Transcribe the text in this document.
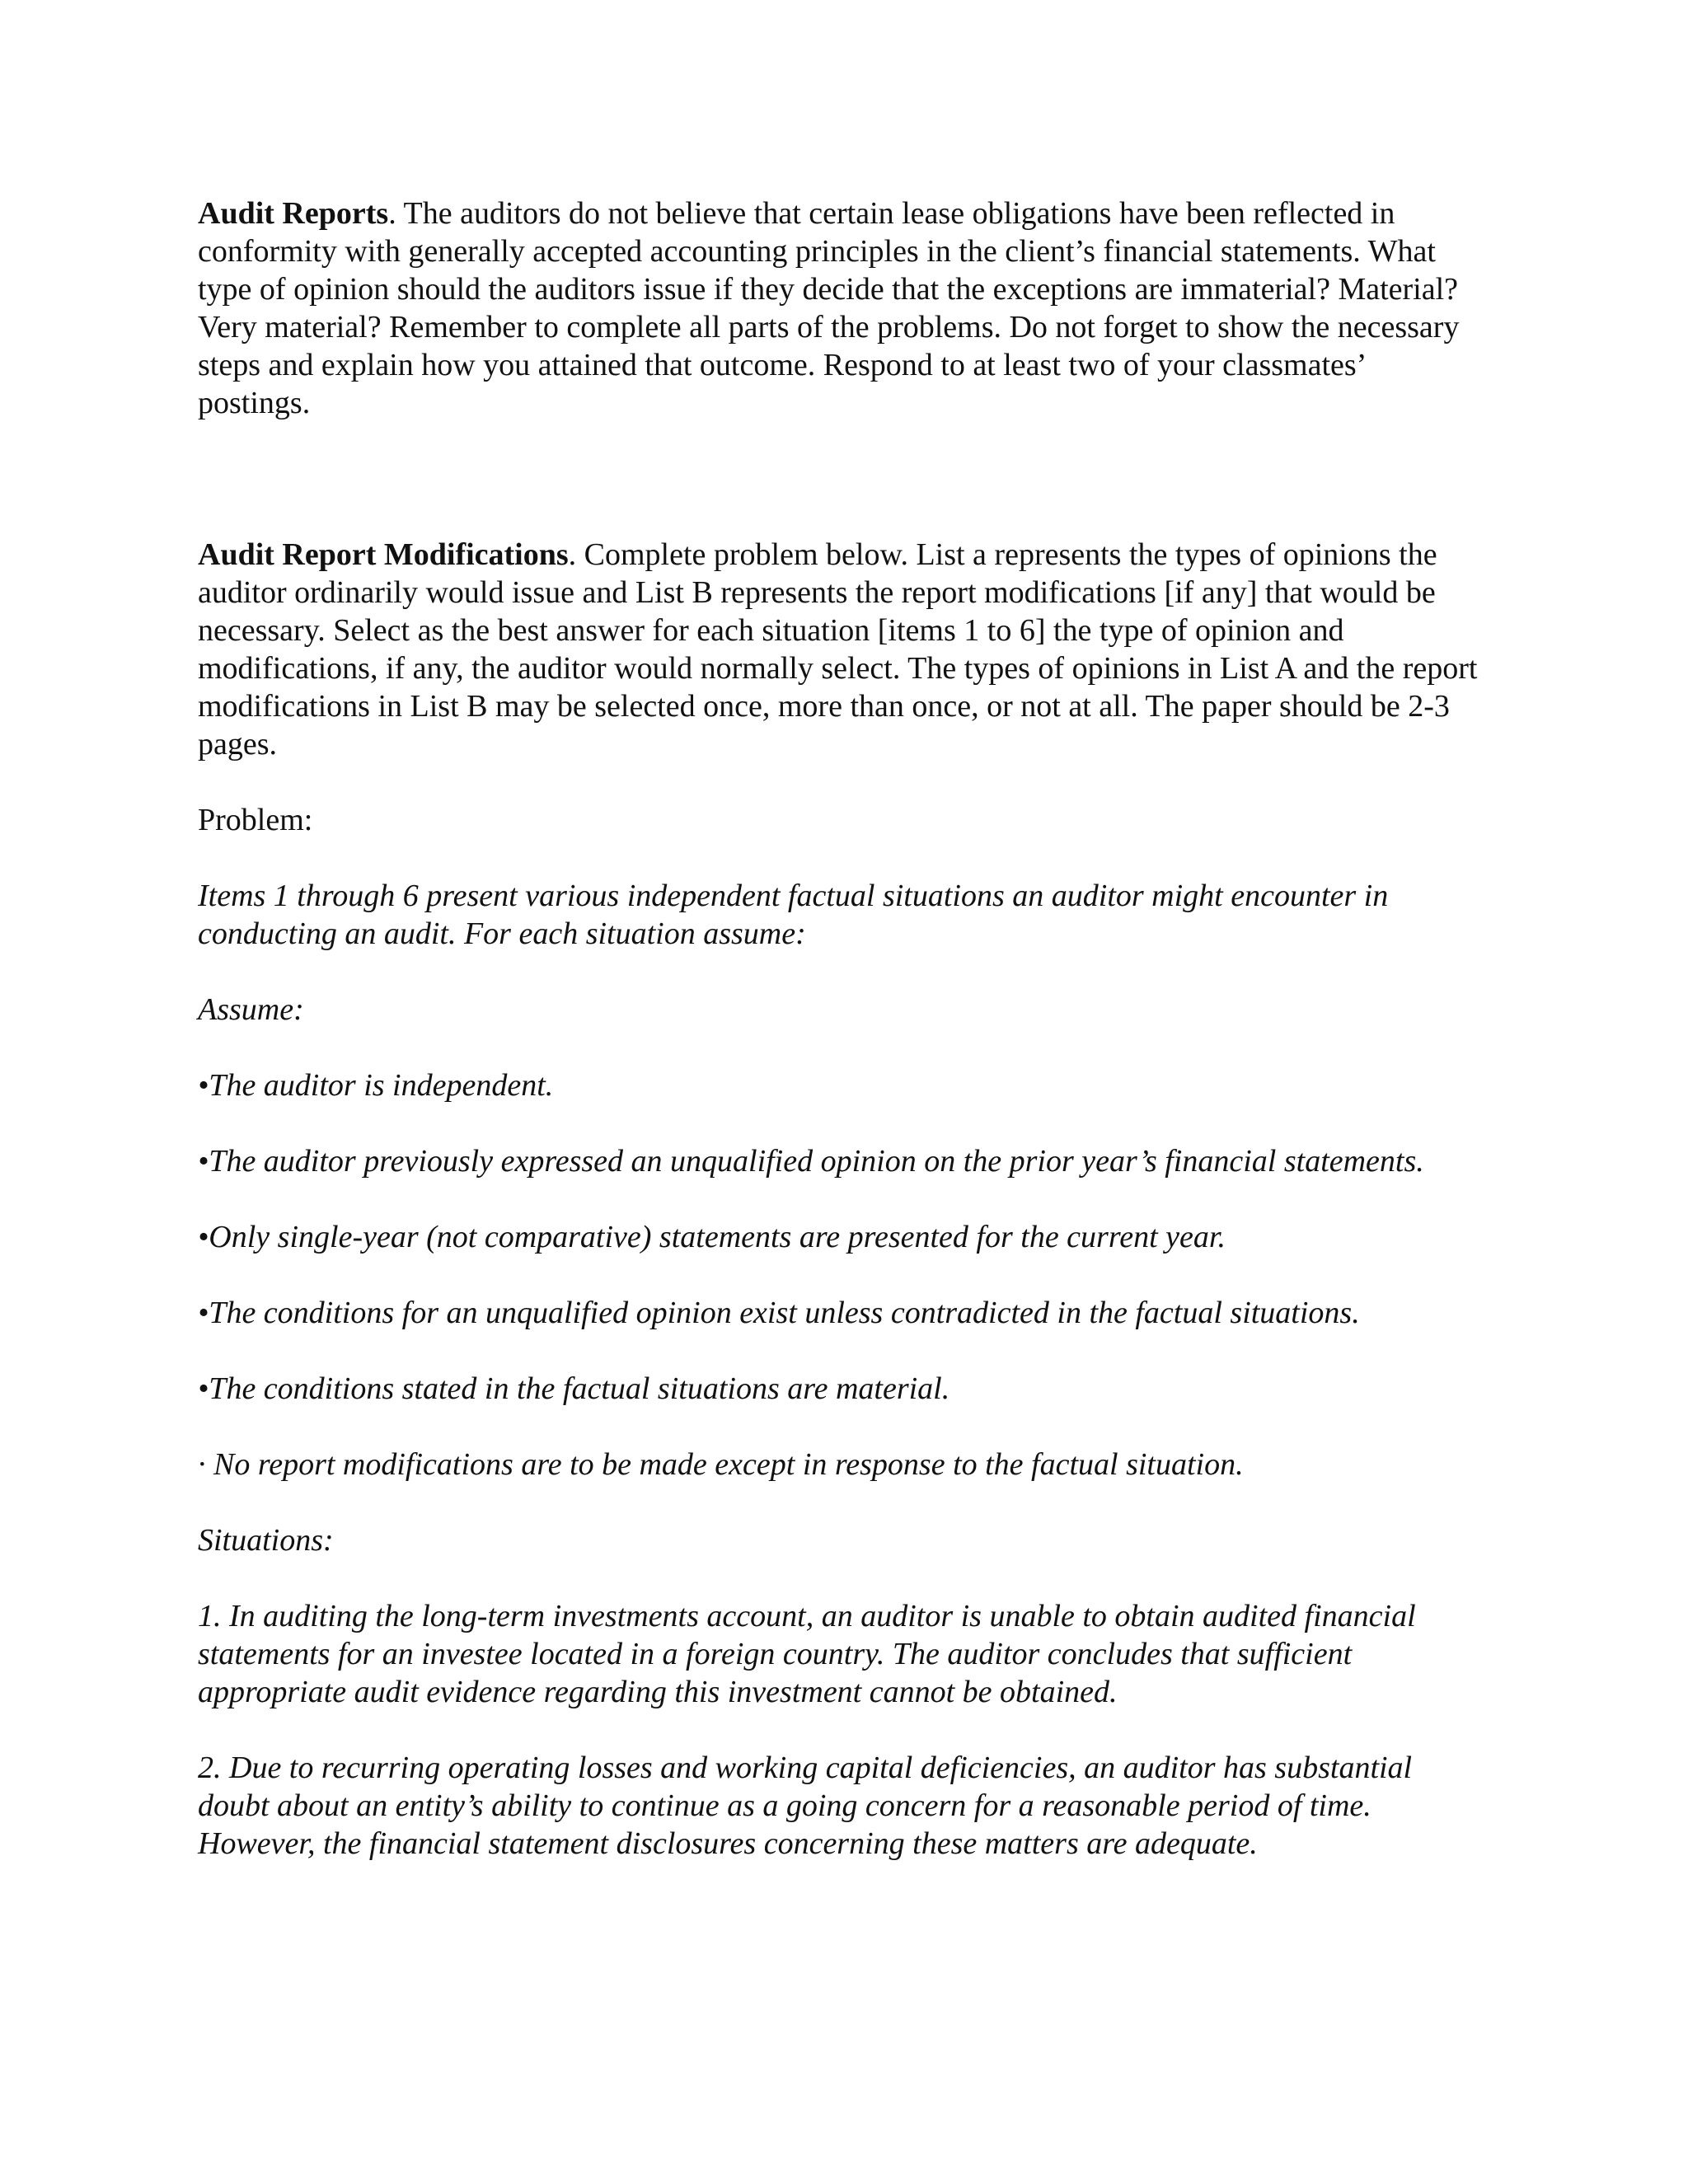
Audit Reports. The auditors do not believe that certain lease obligations have been reflected in conformity with generally accepted accounting principles in the client’s financial statements. What type of opinion should the auditors issue if they decide that the exceptions are immaterial? Material? Very material? Remember to complete all parts of the problems. Do not forget to show the necessary steps and explain how you attained that outcome. Respond to at least two of your classmates’ postings.

Audit Report Modifications. Complete problem below. List a represents the types of opinions the auditor ordinarily would issue and List B represents the report modifications [if any] that would be necessary. Select as the best answer for each situation [items 1 to 6] the type of opinion and modifications, if any, the auditor would normally select. The types of opinions in List A and the report modifications in List B may be selected once, more than once, or not at all. The paper should be 2-3 pages.

Problem:

Items 1 through 6 present various independent factual situations an auditor might encounter in conducting an audit. For each situation assume:

Assume:

•The auditor is independent.

•The auditor previously expressed an unqualified opinion on the prior year’s financial statements.

•Only single-year (not comparative) statements are presented for the current year.

•The conditions for an unqualified opinion exist unless contradicted in the factual situations.

•The conditions stated in the factual situations are material.

· No report modifications are to be made except in response to the factual situation.

Situations:

1. In auditing the long-term investments account, an auditor is unable to obtain audited financial statements for an investee located in a foreign country. The auditor concludes that sufficient appropriate audit evidence regarding this investment cannot be obtained.

2. Due to recurring operating losses and working capital deficiencies, an auditor has substantial doubt about an entity’s ability to continue as a going concern for a reasonable period of time. However, the financial statement disclosures concerning these matters are adequate.
